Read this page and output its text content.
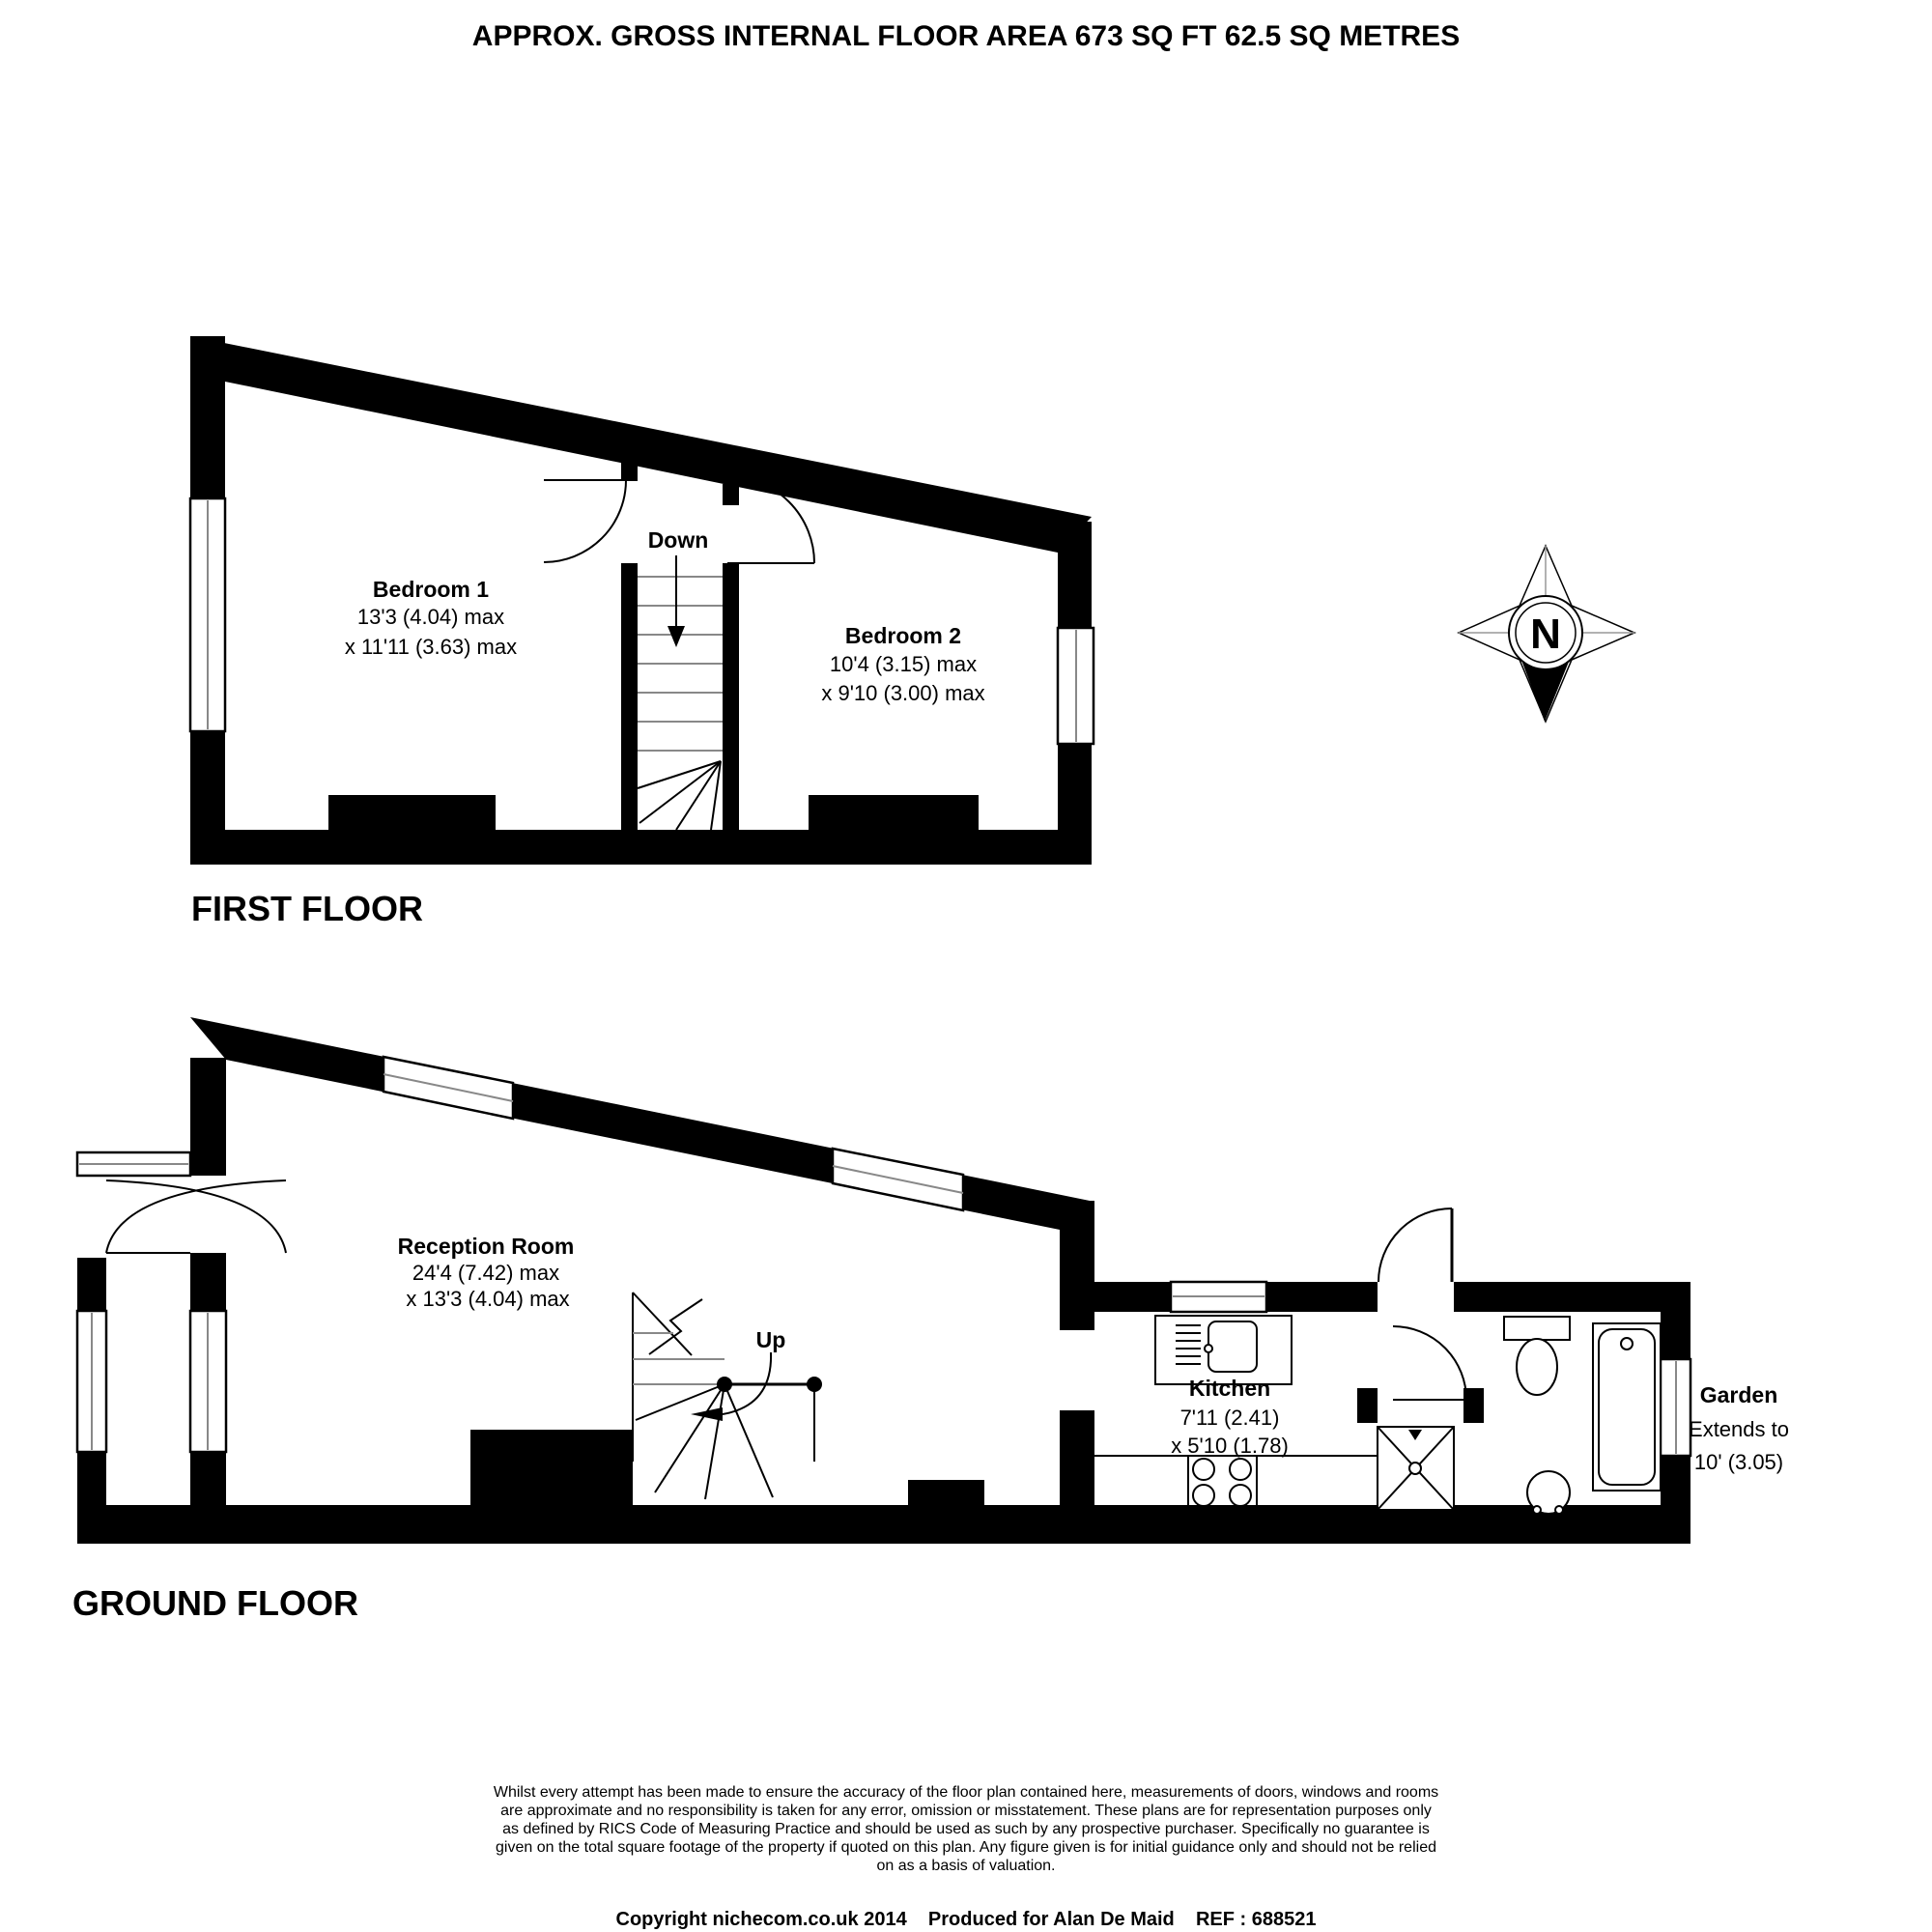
APPROX. GROSS INTERNAL FLOOR AREA 673 SQ FT 62.5 SQ METRES
Bedroom 1
13'3 (4.04) max
x 11'11 (3.63) max	Bedroom 2
10'4 (3.15) max
x 9'10 (3.00) max
Down
FIRST FLOOR
N
Reception Room
24'4 (7.42) max
x 13'3 (4.04) max
Kitchen
7'11 (2.41)
x 5'10 (1.78)
Garden
Extends to
10' (3.05)
Up
GROUND FLOOR
Whilst every attempt has been made to ensure the accuracy of the floor plan contained here, measurements of doors, windows and rooms
are approximate and no responsibility is taken for any error, omission or misstatement. These plans are for representation purposes only
as defined by RICS Code of Measuring Practice and should be used as such by any prospective purchaser. Specifically no guarantee is
given on the total square footage of the property if quoted on this plan. Any figure given is for initial guidance only and should not be relied
on as a basis of valuation.
Copyright nichecom.co.uk 2014    Produced for Alan De Maid    REF : 688521
